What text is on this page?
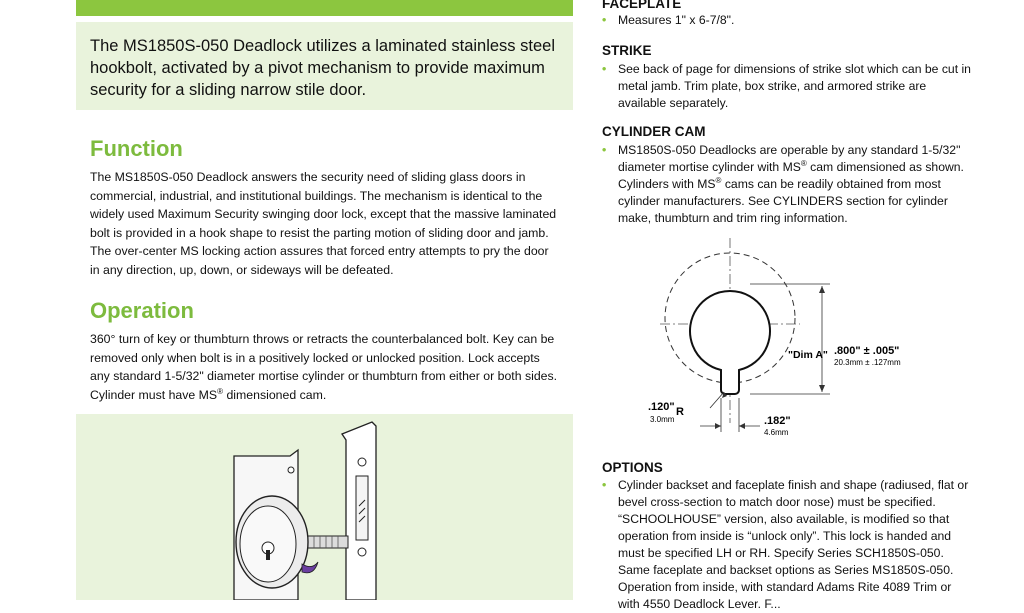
The MS1850S-050 Deadlock utilizes a laminated stainless steel hookbolt, activated by a pivot mechanism to provide maximum security for a sliding narrow stile door.

Function

The MS1850S-050 Deadlock answers the security need of sliding glass doors in commercial, industrial, and institutional buildings. The mechanism is identical to the widely used Maximum Security swinging door lock, except that the massive laminated bolt is provided in a hook shape to resist the parting motion of sliding door and jamb. The over-center MS locking action assures that forced entry attempts to pry the door in any direction, up, down, or sideways will be defeated.

Operation

360° turn of key or thumbturn throws or retracts the counterbalanced bolt. Key can be removed only when bolt is in a positively locked or unlocked position. Lock accepts any standard 1-5/32" diameter mortise cylinder or thumbturn from either or both sides. Cylinder must have MS® dimensioned cam.

FACEPLATE
• Measures 1" x 6-7/8".
STRIKE
• See back of page for dimensions of strike slot which can be cut in metal jamb. Trim plate, box strike, and armored strike are available separately.
CYLINDER CAM
• MS1850S-050 Deadlocks are operable by any standard 1-5/32" diameter mortise cylinder with MS® cam dimensioned as shown. Cylinders with MS® cams can be readily obtained from most cylinder manufacturers. See CYLINDERS section for cylinder make, thumbturn and trim ring information.
"Dim A" .800" ± .005"
20.3mm ± .127mm
.120" R
3.0mm	.182"
4.6mm
OPTIONS
• Cylinder backset and faceplate finish and shape (radiused, flat or bevel cross-section to match door nose) must be specified. “SCHOOLHOUSE” version, also available, is modified so that operation from inside is “unlock only”. This lock is handed and must be specified LH or RH. Specify Series SCH1850S-050. Same faceplate and backset options as Series MS1850S-050. Operation from inside, with standard Adams Rite 4089 Trim or with 4550 Deadlock Lever. F...
